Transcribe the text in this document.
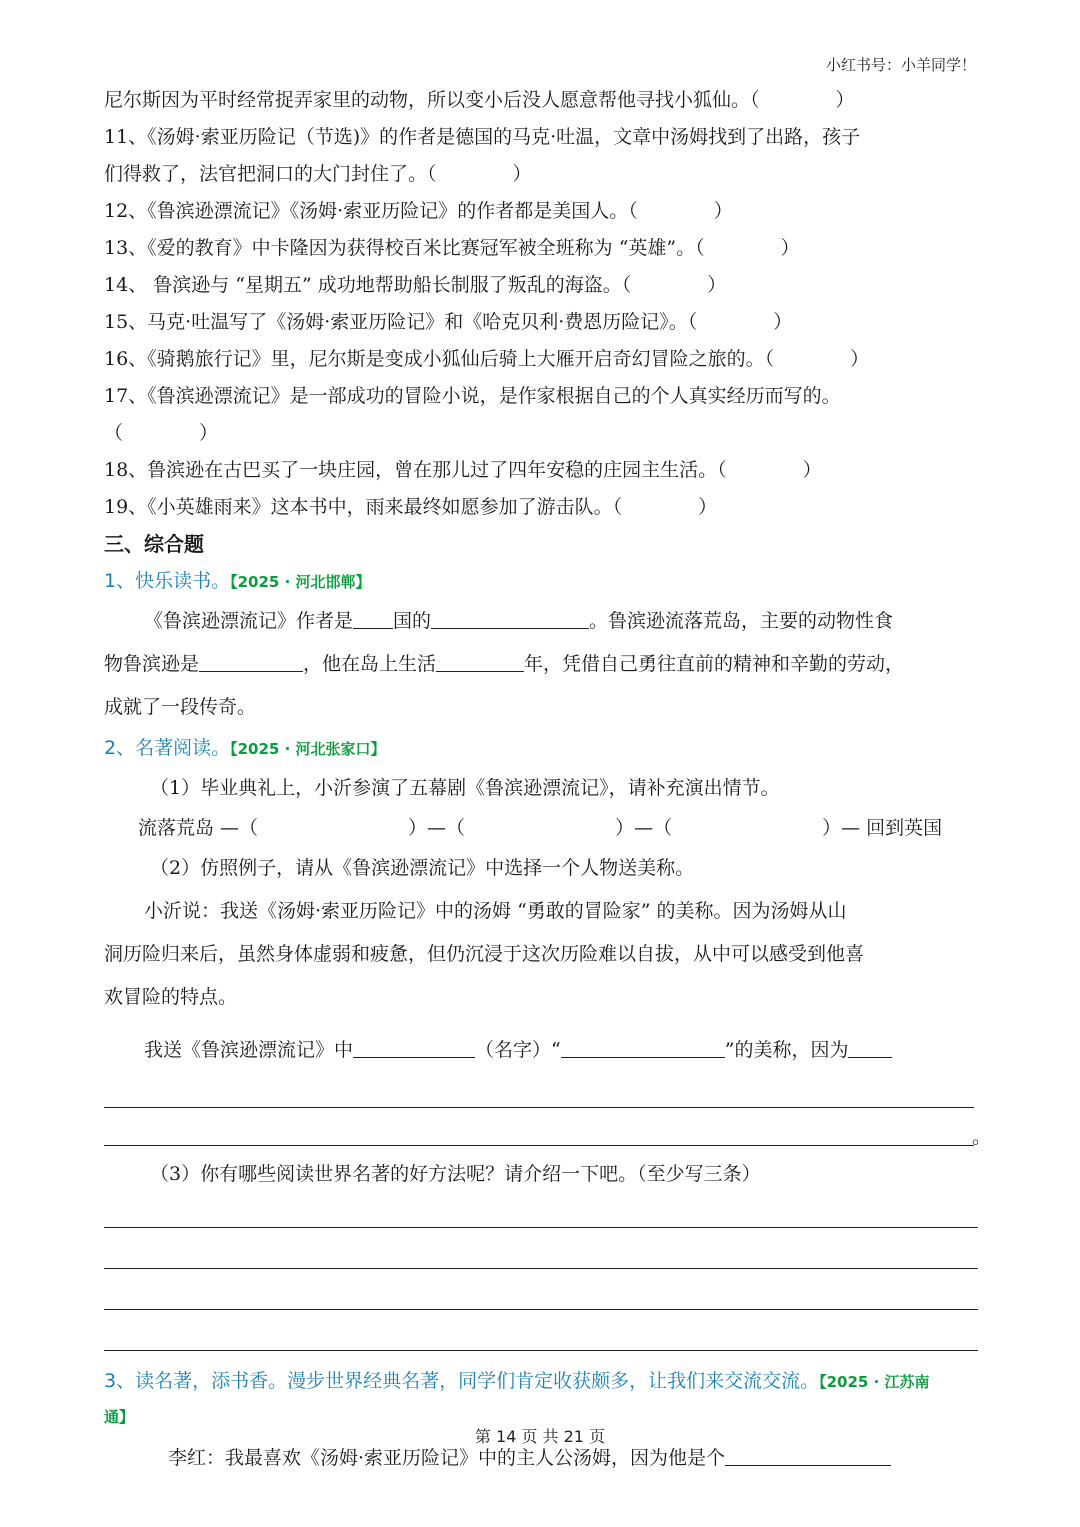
小红书号：小羊同学！
尼尔斯因为平时经常捉弄家里的动物，所以变小后没人愿意帮他寻找小狐仙。（　　　　）
11、《汤姆·索亚历险记（节选)》的作者是德国的马克·吐温，文章中汤姆找到了出路，孩子
们得救了，法官把洞口的大门封住了。（　　　　）
12、《鲁滨逊漂流记》《汤姆·索亚历险记》的作者都是美国人。（　　　　）
13、《爱的教育》中卡隆因为获得校百米比赛冠军被全班称为 “英雄”。（　　　　）
14、 鲁滨逊与 “星期五” 成功地帮助船长制服了叛乱的海盗。（　　　　）
15、马克·吐温写了《汤姆·索亚历险记》和《哈克贝利·费恩历险记》。（　　　　）
16、《骑鹅旅行记》里，尼尔斯是变成小狐仙后骑上大雁开启奇幻冒险之旅的。（　　　　）
17、《鲁滨逊漂流记》是一部成功的冒险小说，是作家根据自己的个人真实经历而写的。
（　　　　）
18、鲁滨逊在古巴买了一块庄园，曾在那儿过了四年安稳的庄园主生活。（　　　　）
19、《小英雄雨来》这本书中，雨来最终如愿参加了游击队。（　　　　）
三、综合题
1、快乐读书。【2025 · 河北邯郸】
《鲁滨逊漂流记》作者是 国的	。鲁滨逊流落荒岛，主要的动物性食
物鲁滨逊是	，他在岛上生活	年，凭借自己勇往直前的精神和辛勤的劳动，
成就了一段传奇。
2、名著阅读。【2025 · 河北张家口】
（1）毕业典礼上，小沂参演了五幕剧《鲁滨逊漂流记》，请补充演出情节。
流落荒岛 —（	）—（	）—（	）— 回到英国
（2）仿照例子，请从《鲁滨逊漂流记》中选择一个人物送美称。
小沂说：我送《汤姆·索亚历险记》中的汤姆 “勇敢的冒险家” 的美称。因为汤姆从山
洞历险归来后，虽然身体虚弱和疲惫，但仍沉浸于这次历险难以自拔，从中可以感受到他喜
欢冒险的特点。
我送《鲁滨逊漂流记》中	（名字）“	”的美称，因为
。
（3）你有哪些阅读世界名著的好方法呢？请介绍一下吧。（至少写三条）
3、读名著，添书香。漫步世界经典名著，同学们肯定收获颇多，让我们来交流交流。【2025 · 江苏南
通】
李红：我最喜欢《汤姆·索亚历险记》中的主人公汤姆，因为他是个
第 14 页 共 21 页
